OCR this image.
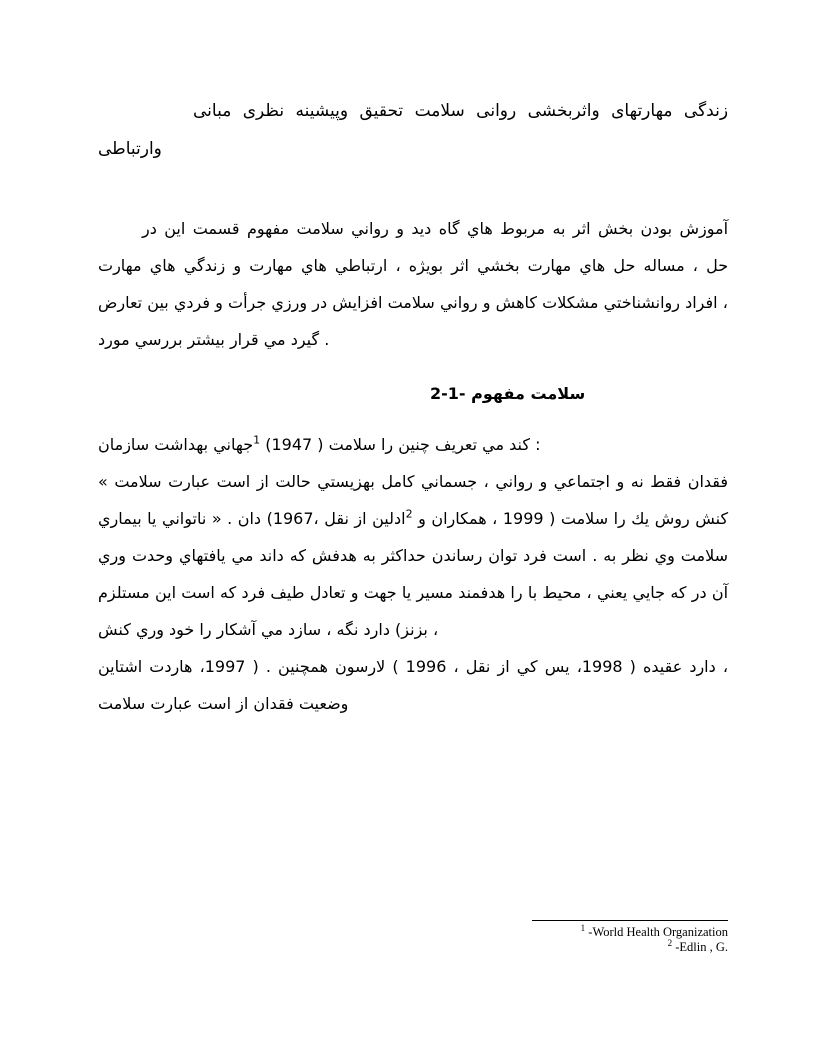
مبانی نظری وپیشینه تحقیق سلامت روانی واثربخشی مهارتهای زندگی وارتباطی

در اين قسمت مفهوم سلامت رواني و ديد گاه هاي مربوط به اثر بخش بودن آموزش مهارت هاي زندگي و مهارت هاي ارتباطي ، بويژه اثر بخشي مهارت هاي حل مساله ، حل تعارض بين فردي و جرأت ورزي در افزايش سلامت رواني و كاهش مشكلات روانشناختي افراد ، مورد بررسي بيشتر قرار مي گيرد .

2-1- مفهوم سلامت

سازمان بهداشت جهاني$^1$ (1947 ) سلامت را چنين تعريف مي كند :

« سلامت عبارت است از حالت بهزيستي كامل جسماني ، رواني و اجتماعي و نه فقط فقدان بيماري يا ناتواني » . دان (1967، نقل از ادلين$^2$ و همكاران ، 1999 ) سلامت را يك روش كنش وري وحدت يافتهاي مي داند كه هدفش به حداكثر رساندن توان فرد است . به نظر وي سلامت مستلزم اين است كه فرد طيف تعادل و جهت يا مسير هدفمند را با محيط ، يعني جايي كه در آن كنش وري خود را آشكار مي سازد ، نگه دارد (بزنز ،

اشتاين هاردت ،1997 ) . همچنين لارسون ( 1996 ، نقل از كي يس ،1998 ) عقيده دارد ، سلامت عبارت است از فقدان وضعيت

$^1$ -World Health Organization
$^2$ -Edlin , G.
